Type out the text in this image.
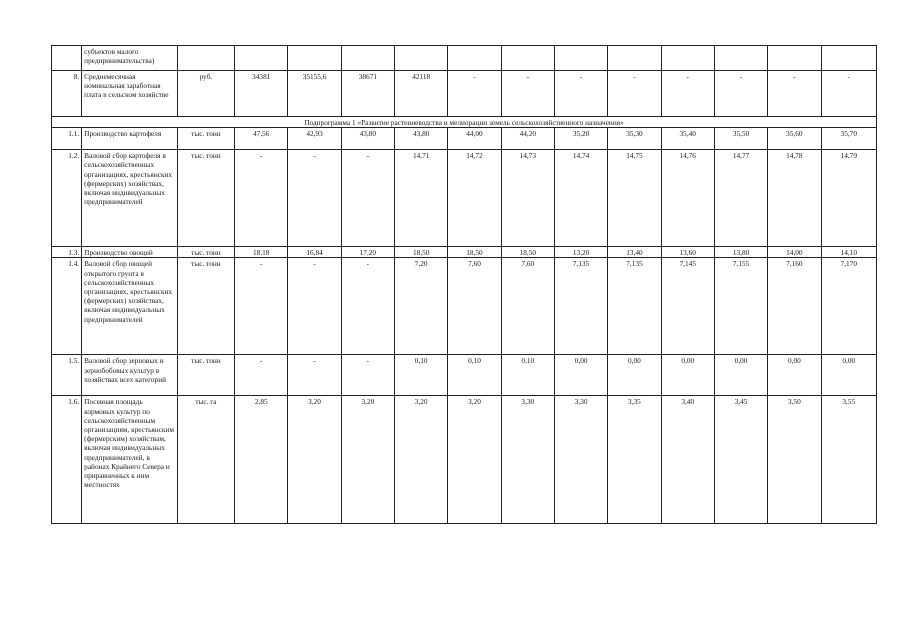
	субъектов малого предпринимательства)													
8.	Среднемесячная номинальная заработная плата в сельском хозяйстве	руб.	34381	35155,6	38671	42118	-	-	-	-	-	-	-	-
Подпрограмма 1 «Развитие растениеводства и мелиорации земель сельскохозяйственного назначения»														
1.1.	Производство картофеля	тыс. тонн	47,56	42,93	43,80	43,80	44,00	44,20	35,20	35,30	35,40	35,50	35,60	35,70
1.2.	Валовой сбор картофеля в сельскохозяйственных организациях, крестьянских (фермерских) хозяйствах, включая индивидуальных предпринимателей	тыс. тонн	-	-	-	14,71	14,72	14,73	14,74	14,75	14,76	14,77	14,78	14,79
1.3.	Производство овощей	тыс. тонн	18,18	16,84	17,20	18,50	18,50	18,50	13,20	13,40	13,60	13,80	14,00	14,10
1.4.	Валовой сбор овощей открытого грунта в сельскохозяйственных организациях, крестьянских (фермерских) хозяйствах, включая индивидуальных предпринимателей	тыс. тонн	-	-	-	7,20	7,60	7,60	7,135	7,135	7,145	7,155	7,160	7,170
1.5.	Валовой сбор зерновых и зернобобовых культур в хозяйствах всех категорий	тыс. тонн	-	-	-	0,10	0,10	0,10	0,00	0,00	0,00	0,00	0,00	0,00
1.6.	Посевная площадь кормовых культур по сельскохозяйственным организациям, крестьянским (фермерским) хозяйствам, включая индивидуальных предпринимателей, в районах Крайнего Севера и приравненных к ним местностях	тыс. га	2,85	3,20	3,20	3,20	3,20	3,30	3,30	3,35	3,40	3,45	3,50	3,55
